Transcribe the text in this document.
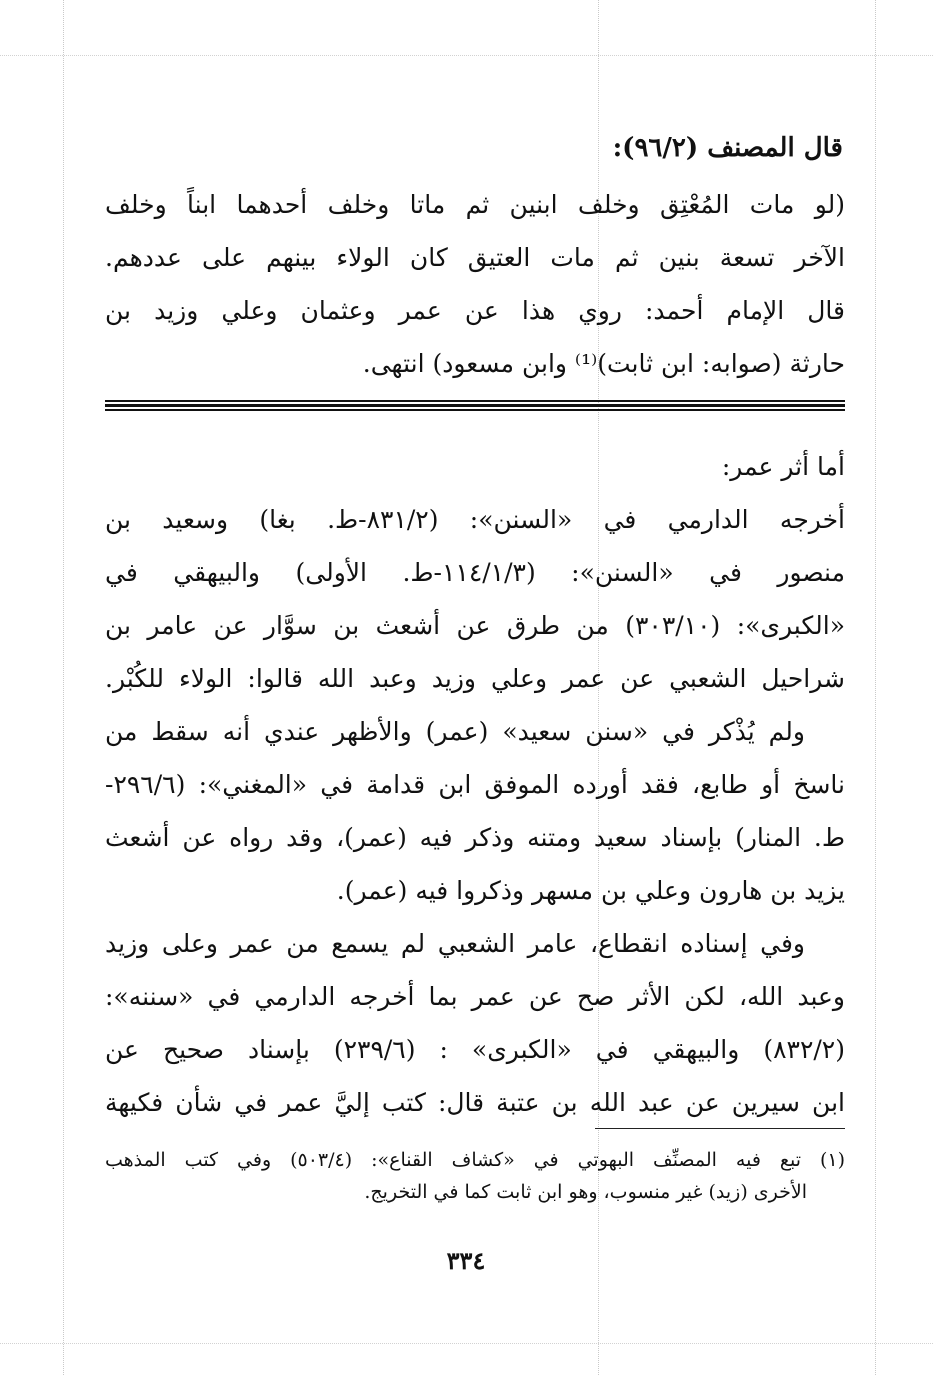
قال المصنف (٩٦/٢):
(لو مات المُعْتِق وخلف ابنين ثم ماتا وخلف أحدهما ابناً وخلف
الآخر تسعة بنين ثم مات العتيق كان الولاء بينهم على عددهم.
قال الإمام أحمد: روي هذا عن عمر وعثمان وعلي وزيد بن
حارثة (صوابه: ابن ثابت)⁽¹⁾ وابن مسعود) انتهى.
أما أثر عمر:
أخرجه الدارمي في «السنن»: (٨٣١/٢-ط. بغا) وسعيد بن
منصور في «السنن»: (١١٤/١/٣-ط. الأولى) والبيهقي في
«الكبرى»: (٣٠٣/١٠) من طرق عن أشعث بن سوَّار عن عامر بن
شراحيل الشعبي عن عمر وعلي وزيد وعبد الله قالوا: الولاء للكُبْر.
ولم يُذْكر في «سنن سعيد» (عمر) والأظهر عندي أنه سقط من
ناسخ أو طابع، فقد أورده الموفق ابن قدامة في «المغني»: (٢٩٦/٦-
ط. المنار) بإسناد سعيد ومتنه وذكر فيه (عمر)، وقد رواه عن أشعث
يزيد بن هارون وعلي بن مسهر وذكروا فيه (عمر).
وفي إسناده انقطاع، عامر الشعبي لم يسمع من عمر وعلى وزيد
وعبد الله، لكن الأثر صح عن عمر بما أخرجه الدارمي في «سننه»:
(٨٣٢/٢) والبيهقي في «الكبرى» : (٢٣٩/٦) بإسناد صحيح عن
ابن سيرين عن عبد الله بن عتبة قال: كتب إليَّ عمر في شأن فكيهة
(١) تبع فيه المصنِّف البهوتي في «كشاف القناع»: (٥٠٣/٤) وفي كتب المذهب
الأخرى (زيد) غير منسوب، وهو ابن ثابت كما في التخريج.
٣٣٤
